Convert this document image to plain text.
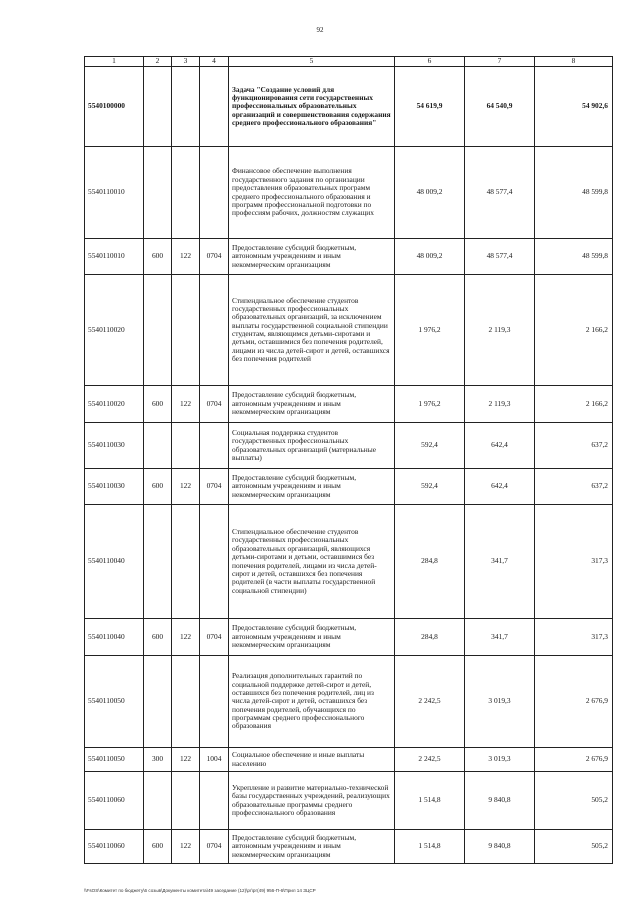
92
1	2	3	4	5	6	7	8
5540100000				Задача "Создание условий для функционирования сети государственных профессиональных образовательных организаций и совершенствования содержания среднего профессионального образования"	54 619,9	64 540,9	54 902,6
5540110010				Финансовое обеспечение выполнения государственного задания по организации предоставления образовательных программ среднего профессионального образования и программ профессиональной подготовки по профессиям рабочих, должностям служащих	48 009,2	48 577,4	48 599,8
5540110010	600	122	0704	Предоставление субсидий бюджетным, автономным учреждениям и иным некоммерческим организациям	48 009,2	48 577,4	48 599,8
5540110020				Стипендиальное обеспечение студентов государственных профессиональных образовательных организаций, за исключением выплаты государственной социальной стипендии студентам, являющимся детьми-сиротами и детьми, оставшимися без попечения родителей, лицами из числа детей-сирот и детей, оставшихся без попечения родителей	1 976,2	2 119,3	2 166,2
5540110020	600	122	0704	Предоставление субсидий бюджетным, автономным учреждениям и иным некоммерческим организациям	1 976,2	2 119,3	2 166,2
5540110030				Социальная поддержка студентов государственных профессиональных образовательных организаций (материальные выплаты)	592,4	642,4	637,2
5540110030	600	122	0704	Предоставление субсидий бюджетным, автономным учреждениям и иным некоммерческим организациям	592,4	642,4	637,2
5540110040				Стипендиальное обеспечение студентов государственных профессиональных образовательных организаций, являющихся детьми-сиротами и детьми, оставшимися без попечения родителей, лицами из числа детей-сирот и детей, оставшихся без попечения родителей (в части выплаты государственной социальной стипендии)	284,8	341,7	317,3
5540110040	600	122	0704	Предоставление субсидий бюджетным, автономным учреждениям и иным некоммерческим организациям	284,8	341,7	317,3
5540110050				Реализация дополнительных гарантий по социальной поддержке детей-сирот и детей, оставшихся без попечения родителей, лиц из числа детей-сирот и детей, оставшихся без попечения родителей, обучающихся по программам среднего профессионального образования	2 242,5	3 019,3	2 676,9
5540110050	300	122	1004	Социальное обеспечение и иные выплаты населению	2 242,5	3 019,3	2 676,9
5540110060				Укрепление и развитие материально-технической базы государственных учреждений, реализующих образовательные программы среднего профессионального образования	1 514,8	9 840,8	505,2
5540110060	600	122	0704	Предоставление субсидий бюджетным, автономным учреждениям и иным некоммерческим организациям	1 514,8	9 840,8	505,2
\\FsOS\Комитет по бюджету\6 созыв\Документы комитета\49 заседание (12)\рг\рг(49) 956-П-6\Прил 14 ЗЦСР
